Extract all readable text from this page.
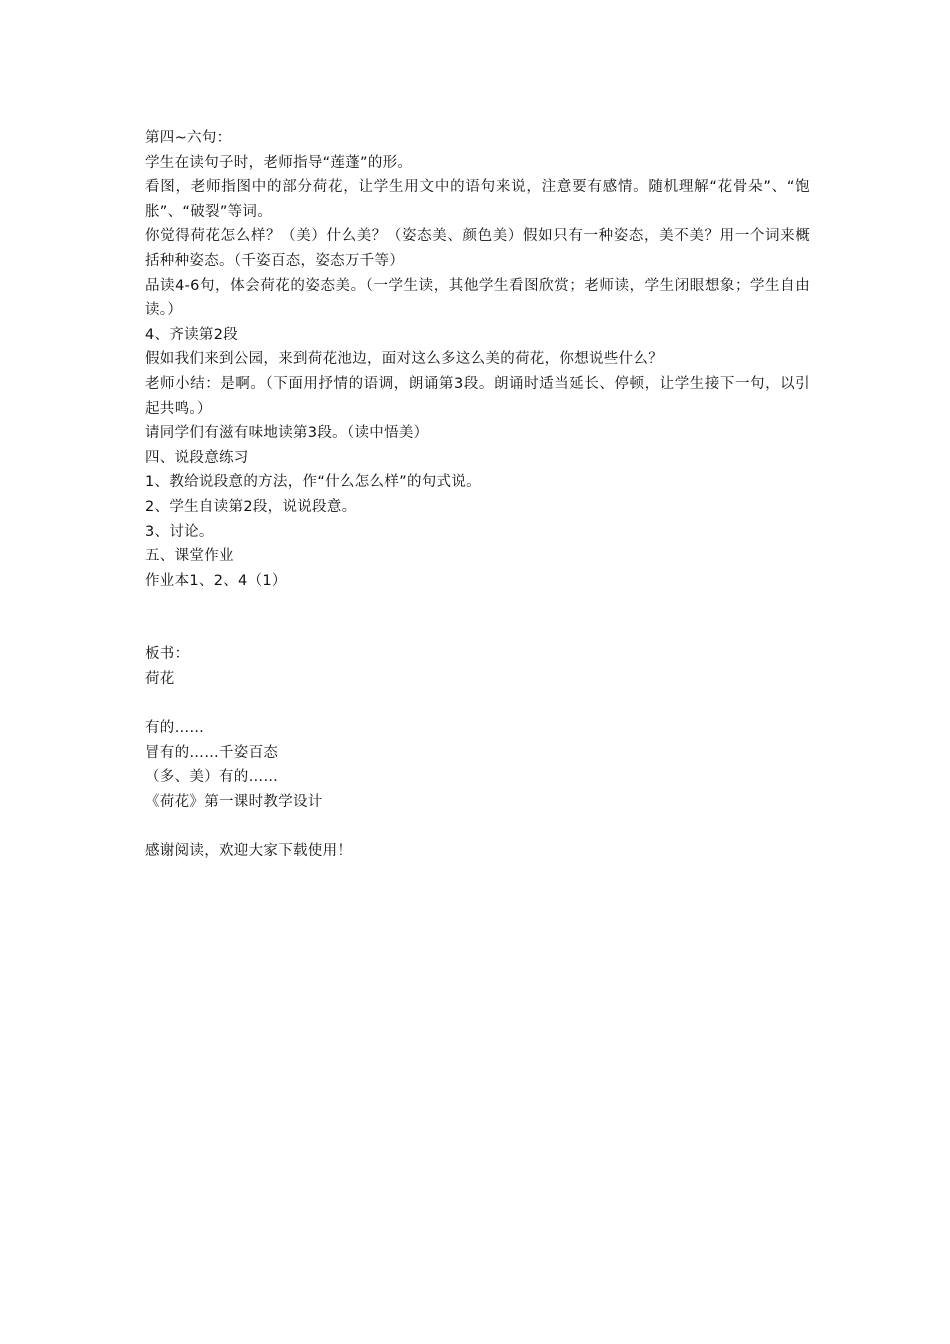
第四~六句：
学生在读句子时，老师指导“莲蓬”的形。
看图，老师指图中的部分荷花，让学生用文中的语句来说，注意要有感情。随机理解“花骨朵”、“饱胀”、“破裂”等词。
你觉得荷花怎么样？（美）什么美？（姿态美、颜色美）假如只有一种姿态，美不美？用一个词来概括种种姿态。（千姿百态，姿态万千等）
品读4-6句，体会荷花的姿态美。（一学生读，其他学生看图欣赏；老师读，学生闭眼想象；学生自由读。）
4、齐读第2段
假如我们来到公园，来到荷花池边，面对这么多这么美的荷花，你想说些什么？
老师小结：是啊。（下面用抒情的语调，朗诵第3段。朗诵时适当延长、停顿，让学生接下一句，以引起共鸣。）
请同学们有滋有味地读第3段。（读中悟美）
四、说段意练习
1、教给说段意的方法，作“什么怎么样”的句式说。
2、学生自读第2段，说说段意。
3、讨论。
五、课堂作业
作业本1、2、4（1）
板书：
荷花
有的……
冒有的……千姿百态
（多、美）有的……
《荷花》第一课时教学设计
感谢阅读，欢迎大家下载使用！
